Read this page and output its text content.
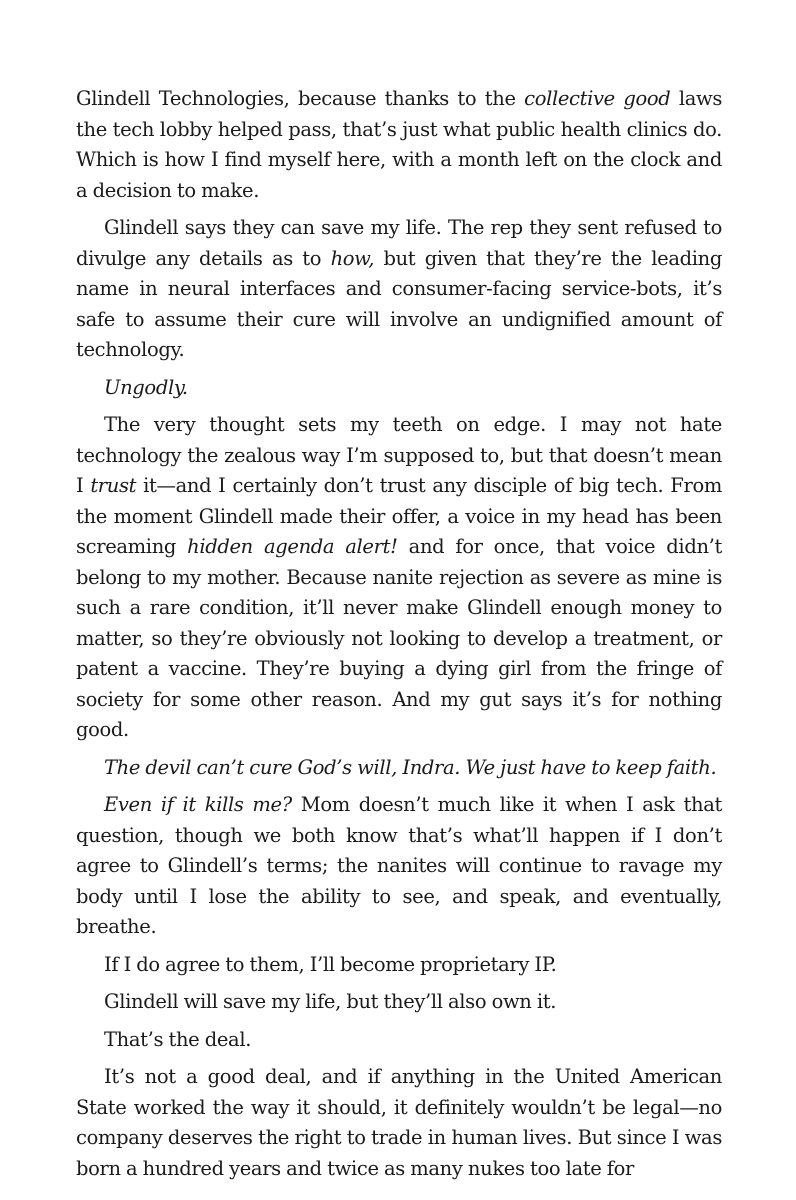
Glindell Technologies, because thanks to the collective good laws the tech lobby helped pass, that’s just what public health clinics do. Which is how I find myself here, with a month left on the clock and a decision to make.

Glindell says they can save my life. The rep they sent refused to divulge any details as to how, but given that they’re the leading name in neural interfaces and consumer-facing service-bots, it’s safe to assume their cure will involve an undignified amount of technology.

Ungodly.

The very thought sets my teeth on edge. I may not hate technology the zealous way I’m supposed to, but that doesn’t mean I trust it—and I certainly don’t trust any disciple of big tech. From the moment Glindell made their offer, a voice in my head has been screaming hidden agenda alert! and for once, that voice didn’t belong to my mother. Because nanite rejection as severe as mine is such a rare condition, it’ll never make Glindell enough money to matter, so they’re obviously not looking to develop a treatment, or patent a vaccine. They’re buying a dying girl from the fringe of society for some other reason. And my gut says it’s for nothing good.

The devil can’t cure God’s will, Indra. We just have to keep faith.

Even if it kills me? Mom doesn’t much like it when I ask that question, though we both know that’s what’ll happen if I don’t agree to Glindell’s terms; the nanites will continue to ravage my body until I lose the ability to see, and speak, and eventually, breathe.

If I do agree to them, I’ll become proprietary IP.

Glindell will save my life, but they’ll also own it.

That’s the deal.

It’s not a good deal, and if anything in the United American State worked the way it should, it definitely wouldn’t be legal—no company deserves the right to trade in human lives. But since I was born a hundred years and twice as many nukes too late for
